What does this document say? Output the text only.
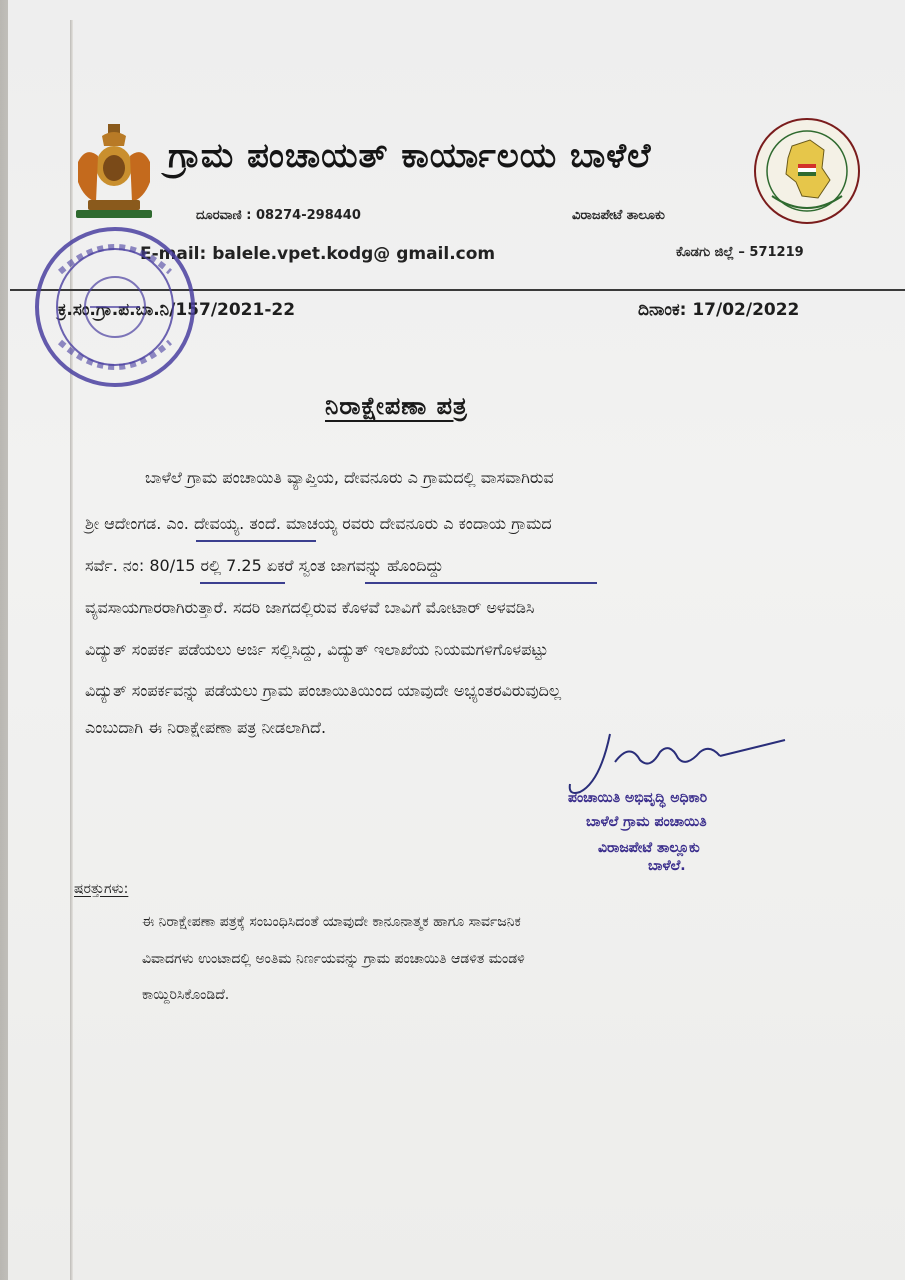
ಗ್ರಾಮ ಪಂಚಾಯತ್ ಕಾರ್ಯಾಲಯ ಬಾಳೆಲೆ
ದೂರವಾಣಿ : 08274-298440	ವಿರಾಜಪೇಟೆ ತಾಲೂಕು
E-mail: balele.vpet.kodg@ gmail.com	ಕೊಡಗು ಜಿಲ್ಲೆ – 571219
ಕ್ರ.ಸಂ.ಗ್ರಾ.ಪ.ಬಾ.ನಿ/157/2021-22	ದಿನಾಂಕ: 17/02/2022
ನಿರಾಕ್ಷೇಪಣಾ ಪತ್ರ
ಬಾಳೆಲೆ ಗ್ರಾಮ ಪಂಚಾಯಿತಿ ವ್ಯಾಪ್ತಿಯ, ದೇವನೂರು ಎ ಗ್ರಾಮದಲ್ಲಿ ವಾಸವಾಗಿರುವ
ಶ್ರೀ ಆದೇಂಗಡ. ಎಂ. ದೇವಯ್ಯ. ತಂದೆ. ಮಾಚಯ್ಯ ರವರು ದೇವನೂರು ಎ ಕಂದಾಯ ಗ್ರಾಮದ
ಸರ್ವೆ. ನಂ: 80/15 ರಲ್ಲಿ 7.25 ಏಕರೆ ಸ್ವಂತ ಜಾಗವನ್ನು ಹೊಂದಿದ್ದು
ವ್ಯವಸಾಯಗಾರರಾಗಿರುತ್ತಾರೆ. ಸದರಿ ಜಾಗದಲ್ಲಿರುವ ಕೊಳವೆ ಬಾವಿಗೆ ಮೋಟಾರ್ ಅಳವಡಿಸಿ
ವಿದ್ಯುತ್ ಸಂಪರ್ಕ ಪಡೆಯಲು ಅರ್ಜಿ ಸಲ್ಲಿಸಿದ್ದು, ವಿದ್ಯುತ್ ಇಲಾಖೆಯ ನಿಯಮಗಳಿಗೊಳಪಟ್ಟು
ವಿದ್ಯುತ್ ಸಂಪರ್ಕವನ್ನು ಪಡೆಯಲು ಗ್ರಾಮ ಪಂಚಾಯಿತಿಯಿಂದ ಯಾವುದೇ ಅಭ್ಯಂತರವಿರುವುದಿಲ್ಲ
ಎಂಬುದಾಗಿ ಈ ನಿರಾಕ್ಷೇಪಣಾ ಪತ್ರ ನೀಡಲಾಗಿದೆ.
ಪಂಚಾಯಿತಿ ಅಭಿವೃದ್ಧಿ ಅಧಿಕಾರಿ
ಬಾಳೆಲೆ ಗ್ರಾಮ ಪಂಚಾಯಿತಿ
ವಿರಾಜಪೇಟೆ ತಾಲ್ಲೂಕು
ಬಾಳೆಲೆ.
ಷರತ್ತುಗಳು:
ಈ ನಿರಾಕ್ಷೇಪಣಾ ಪತ್ರಕ್ಕೆ ಸಂಬಂಧಿಸಿದಂತೆ ಯಾವುದೇ ಕಾನೂನಾತ್ಮಕ ಹಾಗೂ ಸಾರ್ವಜನಿಕ
ವಿವಾದಗಳು ಉಂಟಾದಲ್ಲಿ ಅಂತಿಮ ನಿರ್ಣಯವನ್ನು ಗ್ರಾಮ ಪಂಚಾಯಿತಿ ಆಡಳಿತ ಮಂಡಳಿ
ಕಾಯ್ದಿರಿಸಿಕೊಂಡಿದೆ.
